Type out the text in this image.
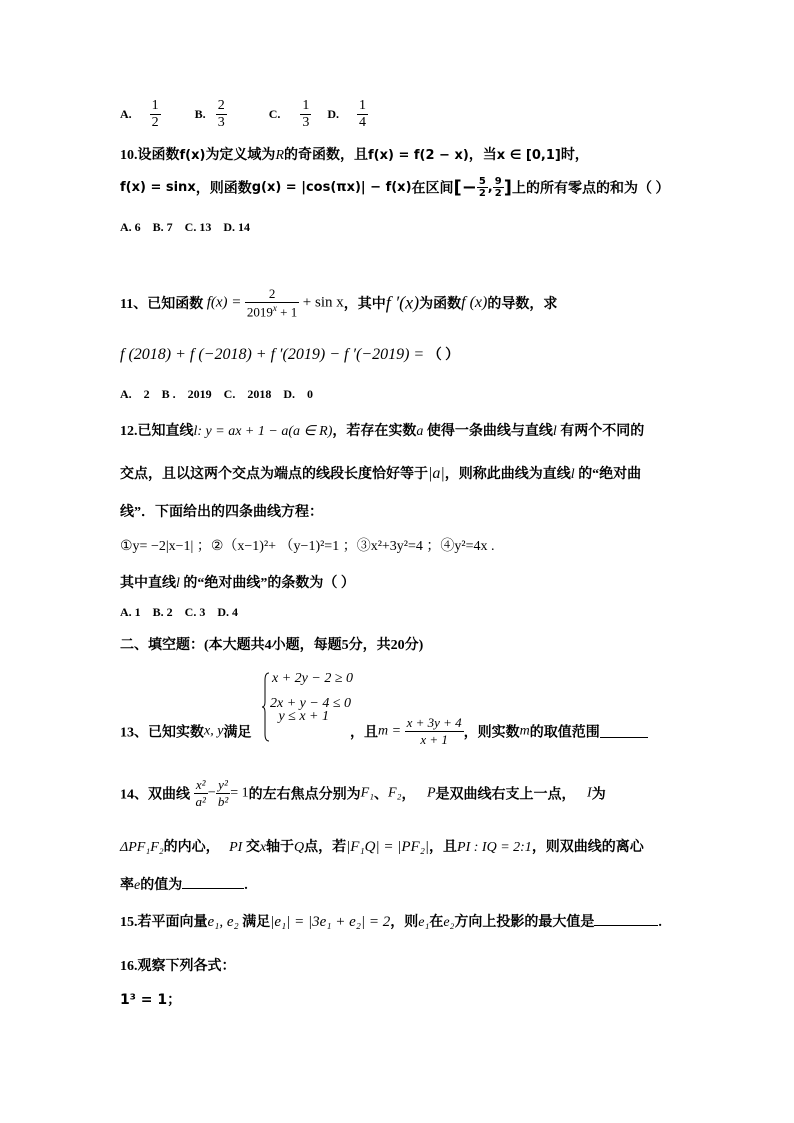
A. $\frac{1}{2}$	B. $\frac{2}{3}$	C. $\frac{1}{3} D$. $\frac{1}{4}$
10.设函数f(x)为定义域为R的奇函数，且f(x) = f(2 − x)，当x ∈ [0,1]时，
f(x) = sinx，则函数g(x) = |cos(πx)| − f(x)在区间[− $\frac{5}{2}$ , $\frac{9}{2}$ ]上的所有零点的和为（ ）
A. 6    B. 7    C. 13    D. 14
11、已知函数 $f(x) = \frac{2}{2019^x + 1} + \sin x$，其中f ′(x)为函数f (x)的导数，求
f (2018) + f (−2018) + f ′(2019) − f ′(−2019) = （ ）
A.    2    B .    2019    C.    2018    D.    0
12.已知直线l: y = ax + 1 − a(a ∈ R)，若存在实数a 使得一条曲线与直线l 有两个不同的
交点，且以这两个交点为端点的线段长度恰好等于|a|，则称此曲线为直线l 的“绝对曲
线”．下面给出的四条曲线方程：
①y= −2|x−1| ；②（x−1)²+ （y−1)²=1 ；③x²+3y²=4 ；④y²=4x .
其中直线l 的“绝对曲线”的条数为（ ）
A. 1    B. 2    C. 3    D. 4
二、填空题：(本大题共4小题，每题5分，共20分)
x + 2y − 2 ≥ 0
2x + y − 4 ≤ 0
13、已知实数x, y满足  y ≤ x + 1  ，且$m = \frac{x + 3y + 4}{x + 1}$ ，则实数m的取值范围
14、双曲线 $\frac{\text{x²}}{\text{a²}} - \frac{\text{y²}}{\text{b²}} = 1$的左右焦点分别为F₁、F₂， P是双曲线右支上一点， I为
ΔPF₁F₂的内心， PI 交x轴于Q点，若|F₁Q| = |PF₂|，且PI : IQ = 2:1，则双曲线的离心
率e的值为	.
15.若平面向量e₁, e₂ 满足|e₁| = |3e₁ + e₂| = 2，则e₁在e₂方向上投影的最大值是	.
16.观察下列各式：
1³ = 1；
